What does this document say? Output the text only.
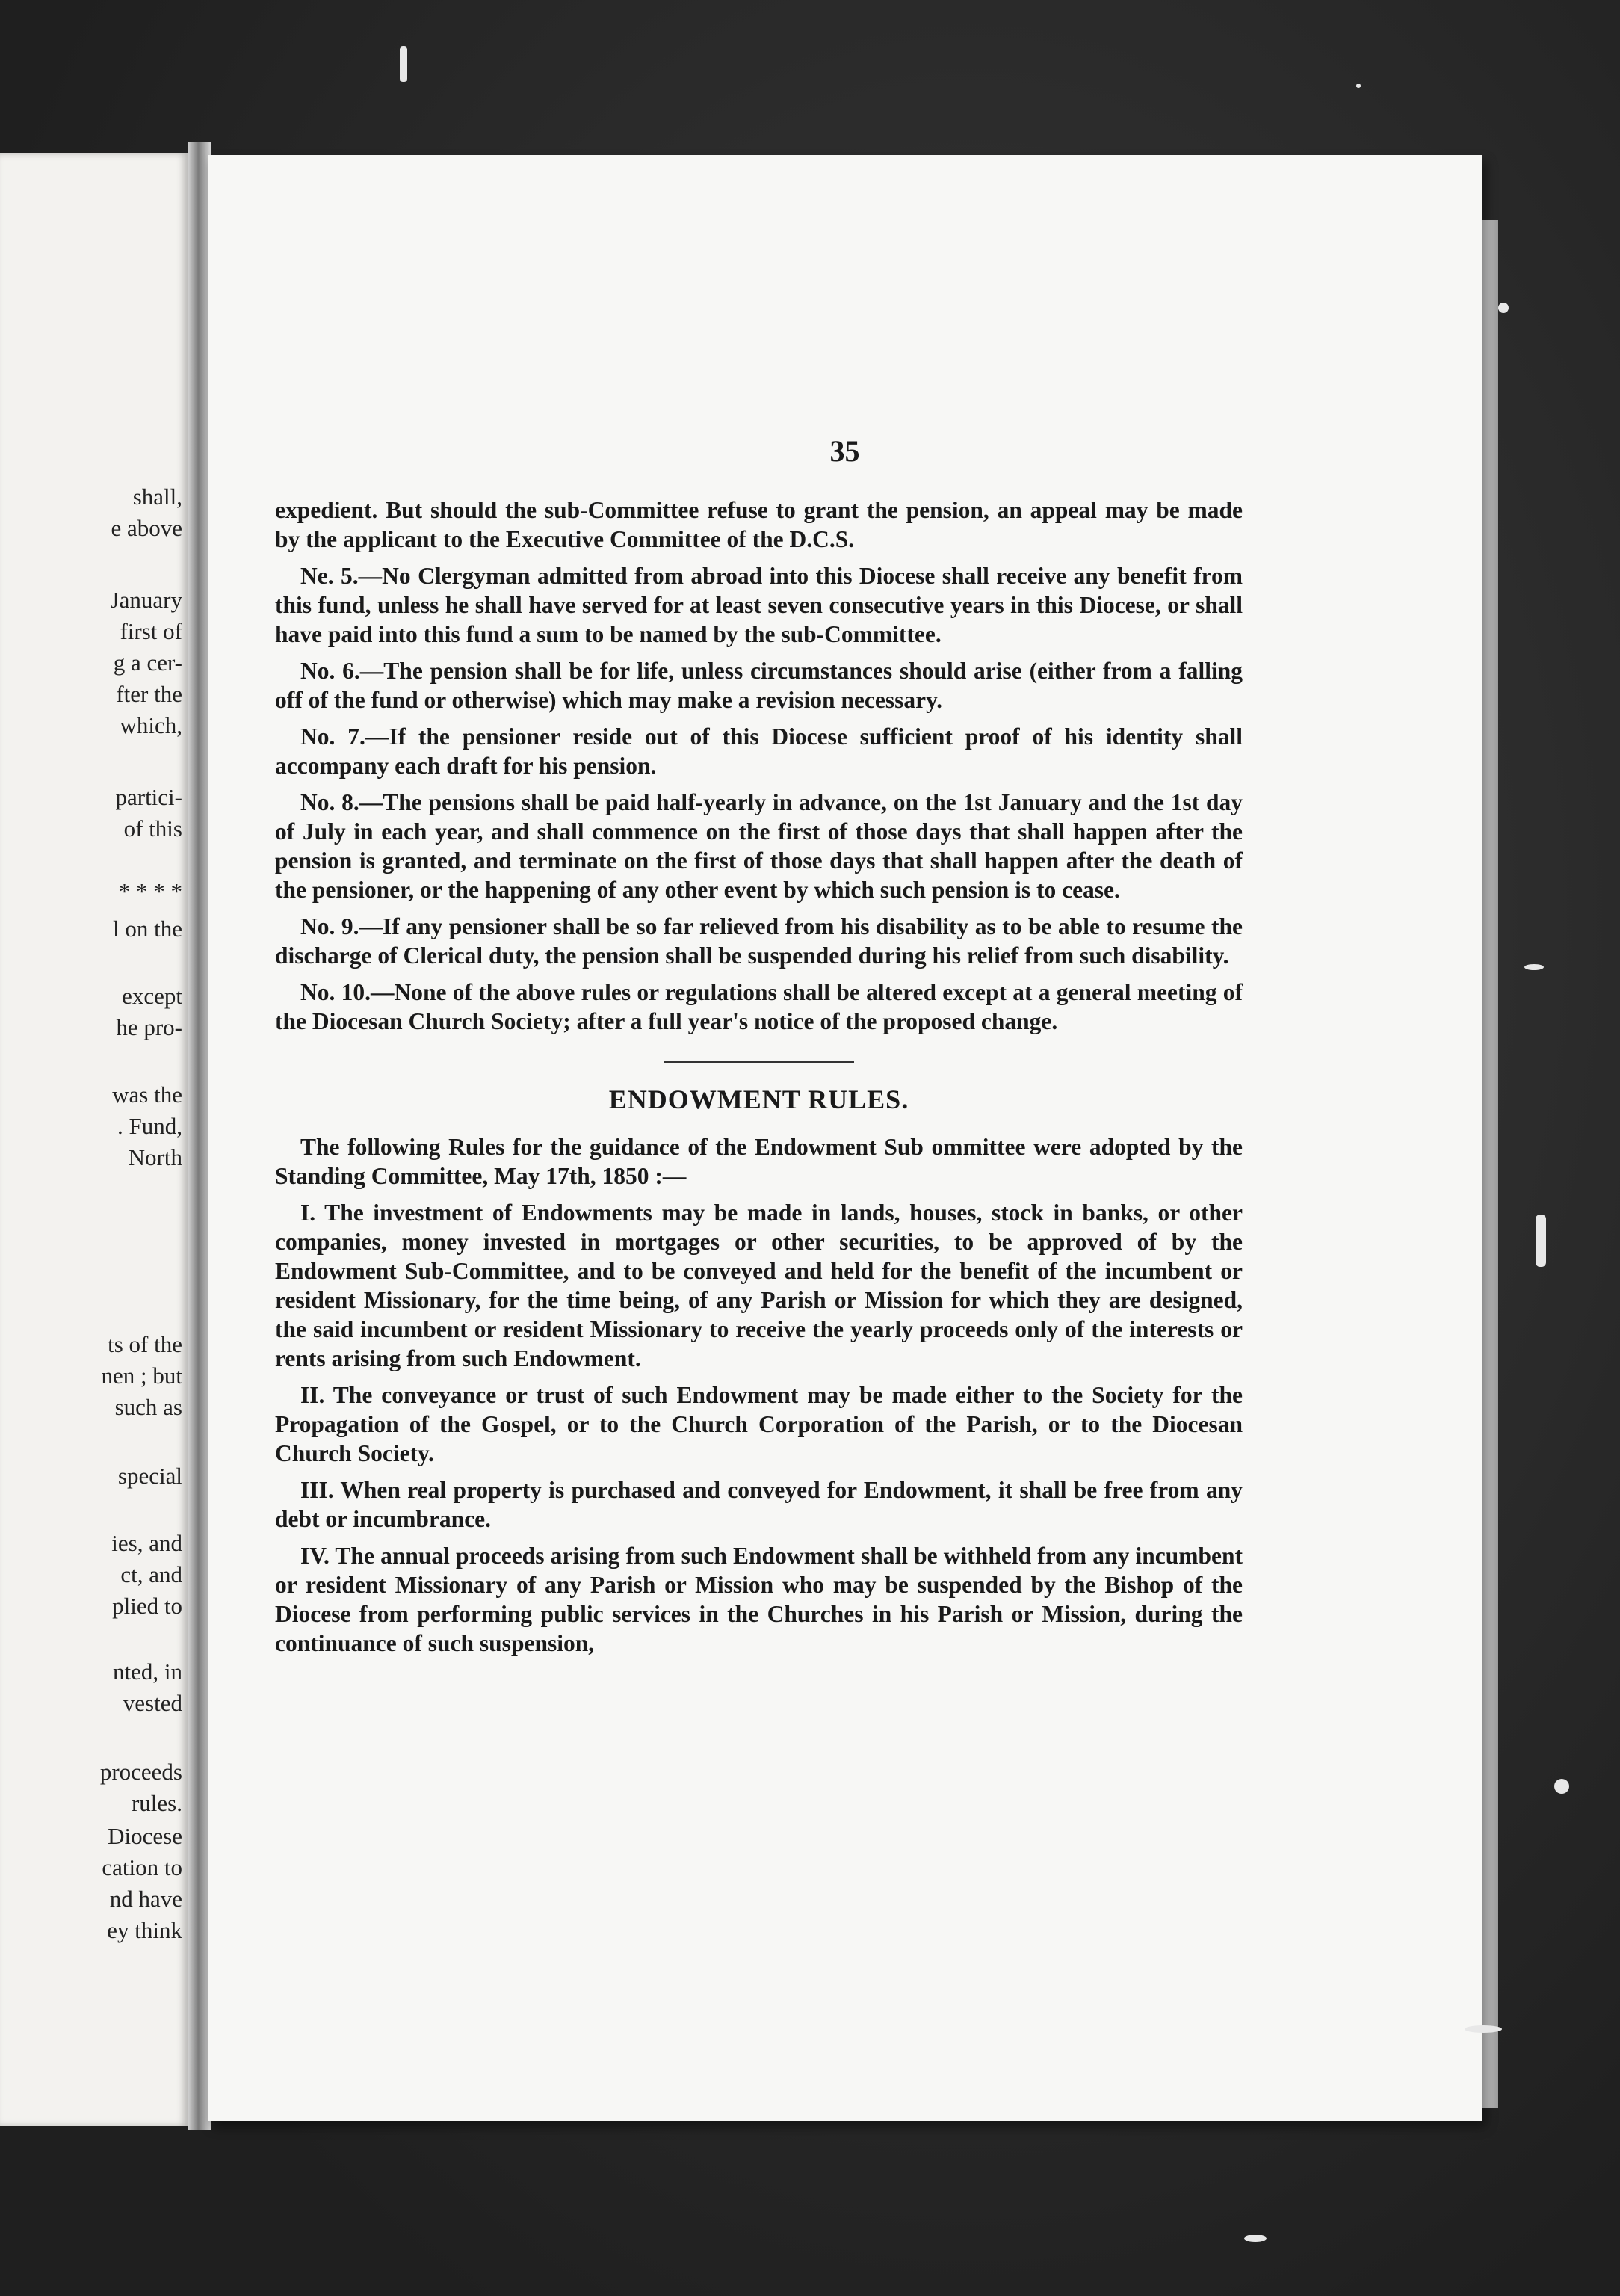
shall,
e above
January
first of
g a cer-
fter the
which,
partici-
of this
* * * *
l on the
except
he pro-
was the
. Fund,
North
ts of the
nen ; but
such as
special
ies, and
ct, and
plied to
nted, in
vested
proceeds
rules.
Diocese
cation to
nd have
ey think
35

expedient. But should the sub-Committee refuse to grant the pension, an appeal may be made by the applicant to the Executive Committee of the D.C.S.

Ne. 5.—No Clergyman admitted from abroad into this Diocese shall receive any benefit from this fund, unless he shall have served for at least seven consecutive years in this Diocese, or shall have paid into this fund a sum to be named by the sub-Committee.

No. 6.—The pension shall be for life, unless circumstances should arise (either from a falling off of the fund or otherwise) which may make a revision necessary.

No. 7.—If the pensioner reside out of this Diocese sufficient proof of his identity shall accompany each draft for his pension.

No. 8.—The pensions shall be paid half-yearly in advance, on the 1st January and the 1st day of July in each year, and shall commence on the first of those days that shall happen after the pension is granted, and terminate on the first of those days that shall happen after the death of the pensioner, or the happening of any other event by which such pension is to cease.

No. 9.—If any pensioner shall be so far relieved from his disability as to be able to resume the discharge of Clerical duty, the pension shall be suspended during his relief from such disability.

No. 10.—None of the above rules or regulations shall be altered except at a general meeting of the Diocesan Church Society; after a full year's notice of the proposed change.

ENDOWMENT RULES.

The following Rules for the guidance of the Endowment Sub ommittee were adopted by the Standing Committee, May 17th, 1850 :—

I. The investment of Endowments may be made in lands, houses, stock in banks, or other companies, money invested in mortgages or other securities, to be approved of by the Endowment Sub-Committee, and to be conveyed and held for the benefit of the incumbent or resident Missionary, for the time being, of any Parish or Mission for which they are designed, the said incumbent or resident Missionary to receive the yearly proceeds only of the interests or rents arising from such Endowment.

II. The conveyance or trust of such Endowment may be made either to the Society for the Propagation of the Gospel, or to the Church Corporation of the Parish, or to the Diocesan Church Society.

III. When real property is purchased and conveyed for Endowment, it shall be free from any debt or incumbrance.

IV. The annual proceeds arising from such Endowment shall be withheld from any incumbent or resident Missionary of any Parish or Mission who may be suspended by the Bishop of the Diocese from performing public services in the Churches in his Parish or Mission, during the continuance of such suspension,
